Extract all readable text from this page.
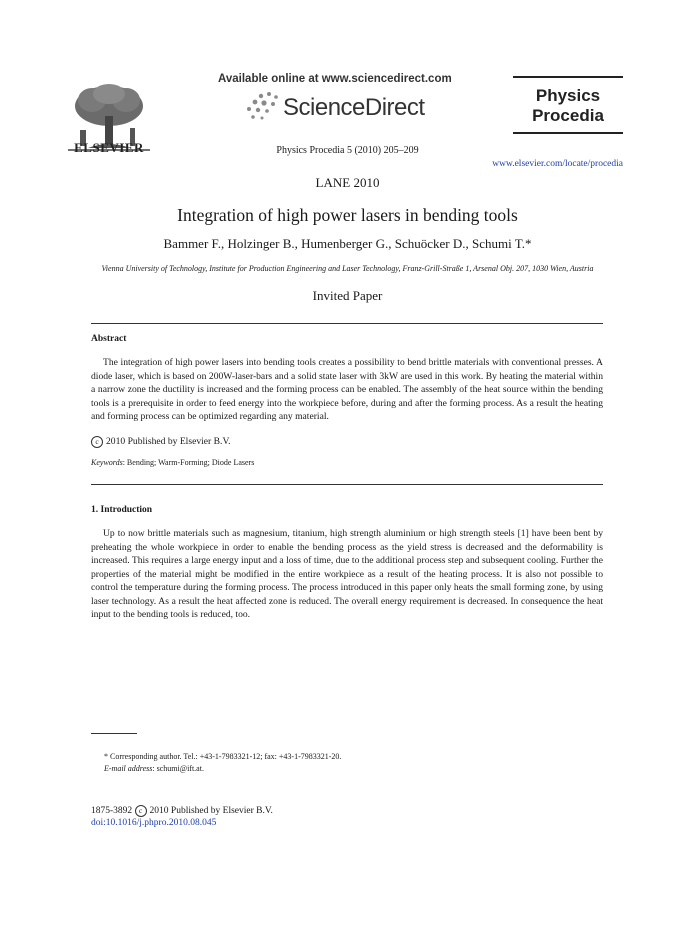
ELSEVIER
Available online at www.sciencedirect.com
ScienceDirect
Physics Procedia 5 (2010) 205–209
Physics
Procedia
www.elsevier.com/locate/procedia
LANE 2010
Integration of high power lasers in bending tools
Bammer F., Holzinger B., Humenberger G., Schuöcker D., Schumi T.*
Vienna University of Technology, Institute for Production Engineering and Laser Technology, Franz-Grill-Straße 1, Arsenal Obj. 207, 1030 Wien, Austria
Invited Paper
Abstract

The integration of high power lasers into bending tools creates a possibility to bend brittle materials with conventional presses. A diode laser, which is based on 200W-laser-bars and a solid state laser with 3kW are used in this work. By heating the material within a narrow zone the ductility is increased and the forming process can be enabled. The assembly of the heat source within the bending tools is a prerequisite in order to feed energy into the workpiece before, during and after the forming process. As a result the heating and forming process can be optimized regarding any material.

c 2010 Published by Elsevier B.V.
Keywords: Bending; Warm-Forming; Diode Lasers
1. Introduction

Up to now brittle materials such as magnesium, titanium, high strength aluminium or high strength steels [1] have been bent by preheating the whole workpiece in order to enable the bending process as the yield stress is decreased and the deformability is increased. This requires a large energy input and a loss of time, due to the additional process step and subsequent cooling. Further the properties of the material might be modified in the entire workpiece as a result of the heating process. It is also not possible to control the temperature during the forming process. The process introduced in this paper only heats the small forming zone, by using laser technology. As a result the heat affected zone is reduced. The overall energy requirement is decreased. In consequence the heat input to the bending tools is reduced, too.

* Corresponding author. Tel.: +43-1-7983321-12; fax: +43-1-7983321-20.
E-mail address: schumi@ift.at.
1875-3892 c 2010 Published by Elsevier B.V.
doi:10.1016/j.phpro.2010.08.045
